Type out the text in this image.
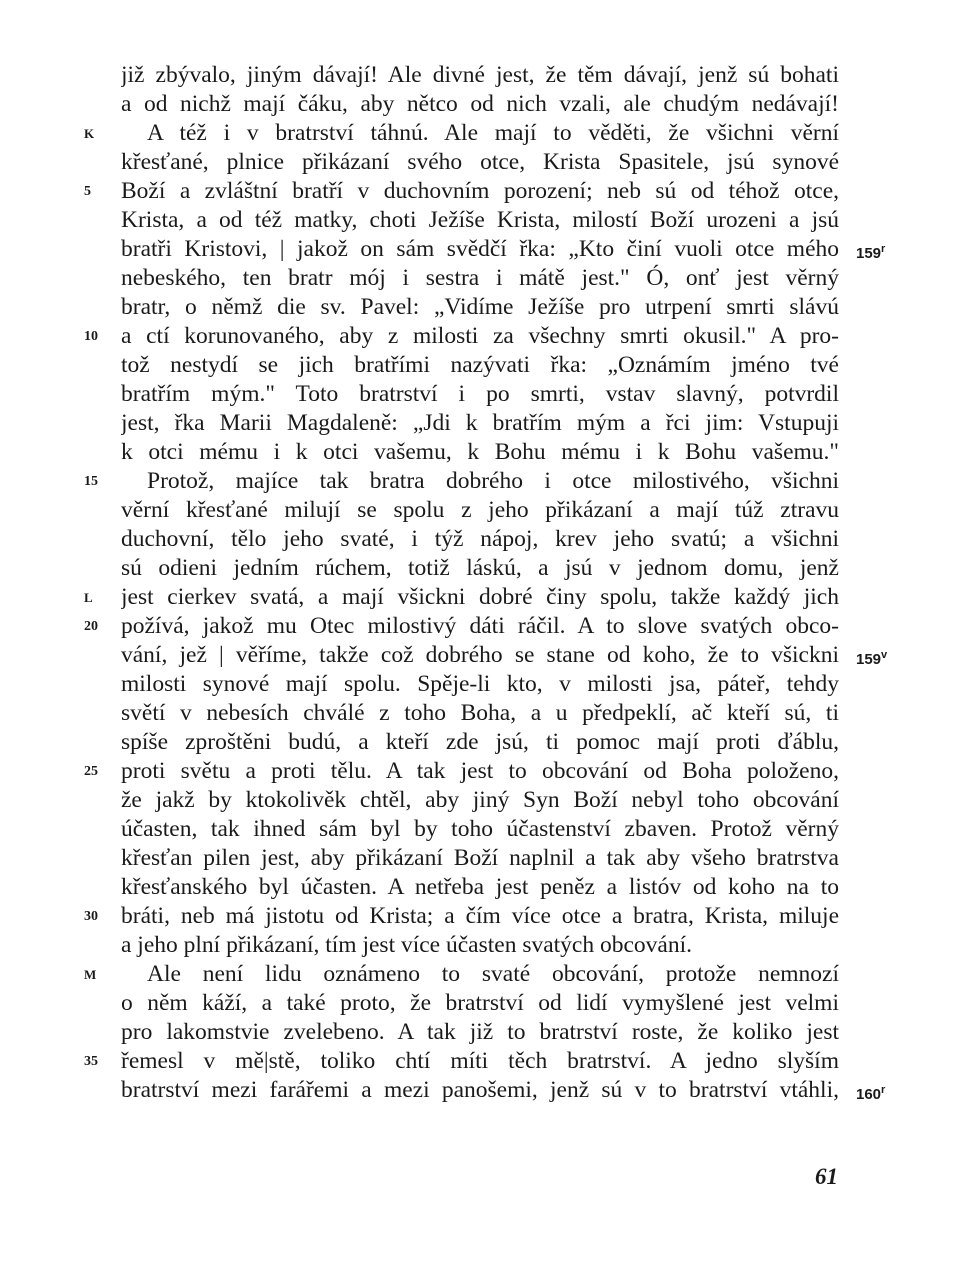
již zbývalo, jiným dávají! Ale divné jest, že těm dávají, jenž sú bohati
a od nichž mají čáku, aby nětco od nich vzali, ale chudým nedávají!
A též i v bratrství táhnú. Ale mají to věděti, že všichni věrní
křesťané, plnice přikázaní svého otce, Krista Spasitele, jsú synové
Boží a zvláštní bratří v duchovním porození; neb sú od téhož otce,
Krista, a od též matky, choti Ježíše Krista, milostí Boží urozeni a jsú
bratři Kristovi, | jakož on sám svědčí řka: „Kto činí vuoli otce mého
nebeského, ten bratr mój i sestra i mátě jest." Ó, onť jest věrný
bratr, o němž die sv. Pavel: „Vidíme Ježíše pro utrpení smrti slávú
a ctí korunovaného, aby z milosti za všechny smrti okusil." A pro-
tož nestydí se jich bratřími nazývati řka: „Oznámím jméno tvé
bratřím mým." Toto bratrství i po smrti, vstav slavný, potvrdil
jest, řka Marii Magdaleně: „Jdi k bratřím mým a řci jim: Vstupuji
k otci mému i k otci vašemu, k Bohu mému i k Bohu vašemu."
Protož, majíce tak bratra dobrého i otce milostivého, všichni
věrní křesťané milují se spolu z jeho přikázaní a mají túž ztravu
duchovní, tělo jeho svaté, i týž nápoj, krev jeho svatú; a všichni
sú odieni jedním rúchem, totiž láskú, a jsú v jednom domu, jenž
jest cierkev svatá, a mají všickni dobré činy spolu, takže každý jich
požívá, jakož mu Otec milostivý dáti ráčil. A to slove svatých obco-
vání, jež | věříme, takže což dobrého se stane od koho, že to všickni
milosti synové mají spolu. Spěje-li kto, v milosti jsa, páteř, tehdy
světí v nebesích chválé z toho Boha, a u předpeklí, ač kteří sú, ti
spíše zproštěni budú, a kteří zde jsú, ti pomoc mají proti ďáblu,
proti světu a proti tělu. A tak jest to obcování od Boha položeno,
že jakž by ktokolivěk chtěl, aby jiný Syn Boží nebyl toho obcování
účasten, tak ihned sám byl by toho účastenství zbaven. Protož věrný
křesťan pilen jest, aby přikázaní Boží naplnil a tak aby všeho bratrstva
křesťanského byl účasten. A netřeba jest peněz a listóv od koho na to
bráti, neb má jistotu od Krista; a čím více otce a bratra, Krista, miluje
a jeho plní přikázaní, tím jest více účasten svatých obcování.
Ale není lidu oznámeno to svaté obcování, protože nemnozí
o něm káží, a také proto, že bratrství od lidí vymyšlené jest velmi
pro lakomstvie zvelebeno. A tak již to bratrství roste, že koliko jest
řemesl v mě|stě, toliko chtí míti těch bratrství. A jedno slyším
bratrství mezi farářemi a mezi panošemi, jenž sú v to bratrství vtáhli,
K
5
10
15
L
20
25
30
M
35
159$^r$
159$^v$
160$^r$
61
